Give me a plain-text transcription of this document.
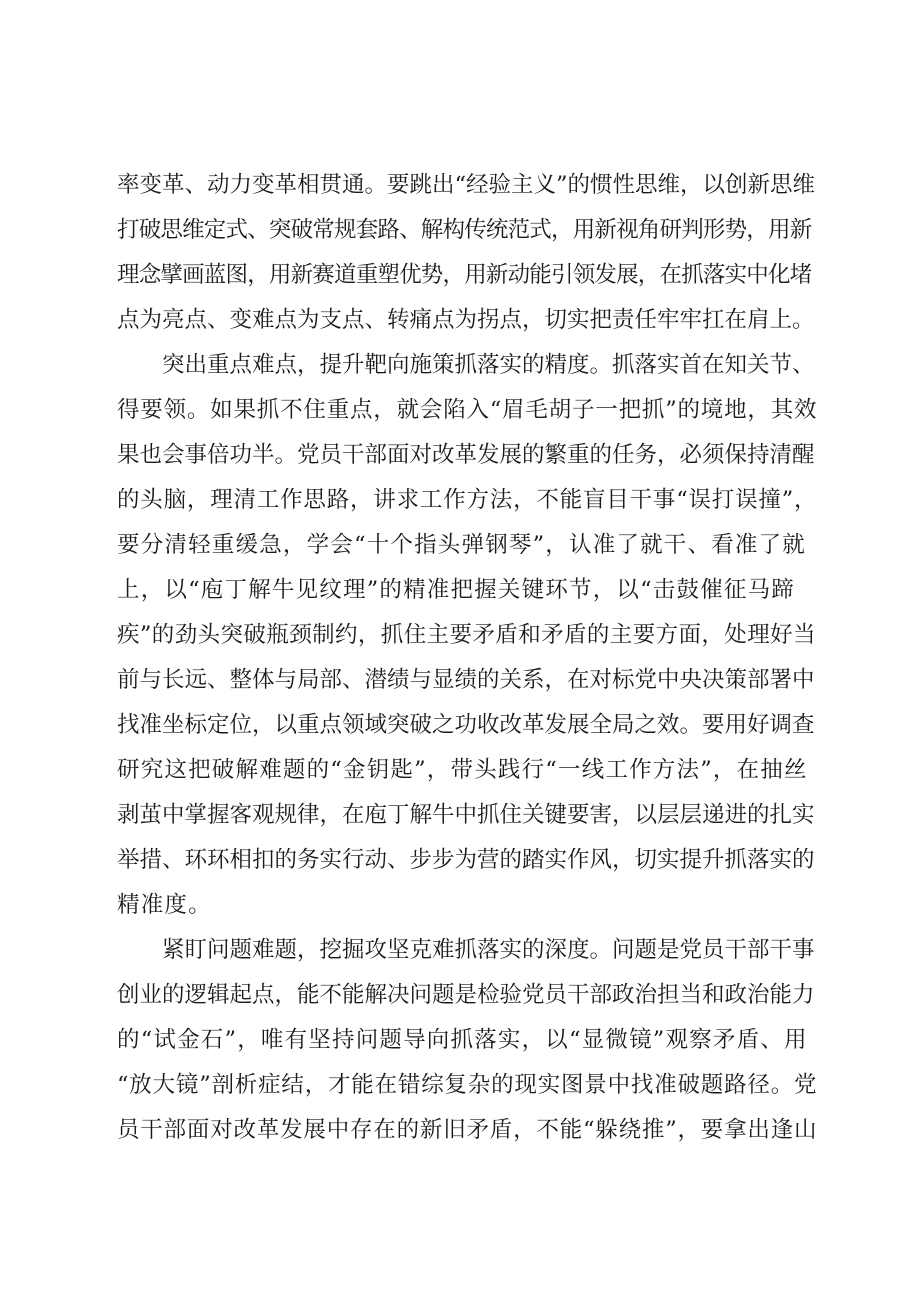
率变革、动力变革相贯通。要跳出“经验主义”的惯性思维，以创新思维
打破思维定式、突破常规套路、解构传统范式，用新视角研判形势，用新
理念擘画蓝图，用新赛道重塑优势，用新动能引领发展，在抓落实中化堵
点为亮点、变难点为支点、转痛点为拐点，切实把责任牢牢扛在肩上。
突出重点难点，提升靶向施策抓落实的精度。抓落实首在知关节、
得要领。如果抓不住重点，就会陷入“眉毛胡子一把抓”的境地，其效
果也会事倍功半。党员干部面对改革发展的繁重的任务，必须保持清醒
的头脑，理清工作思路，讲求工作方法，不能盲目干事“误打误撞”，
要分清轻重缓急，学会“十个指头弹钢琴”，认准了就干、看准了就
上，以“庖丁解牛见纹理”的精准把握关键环节，以“击鼓催征马蹄
疾”的劲头突破瓶颈制约，抓住主要矛盾和矛盾的主要方面，处理好当
前与长远、整体与局部、潜绩与显绩的关系，在对标党中央决策部署中
找准坐标定位，以重点领域突破之功收改革发展全局之效。要用好调查
研究这把破解难题的“金钥匙”，带头践行“一线工作方法”，在抽丝
剥茧中掌握客观规律，在庖丁解牛中抓住关键要害，以层层递进的扎实
举措、环环相扣的务实行动、步步为营的踏实作风，切实提升抓落实的
精准度。
紧盯问题难题，挖掘攻坚克难抓落实的深度。问题是党员干部干事
创业的逻辑起点，能不能解决问题是检验党员干部政治担当和政治能力
的“试金石”，唯有坚持问题导向抓落实，以“显微镜”观察矛盾、用
“放大镜”剖析症结，才能在错综复杂的现实图景中找准破题路径。党
员干部面对改革发展中存在的新旧矛盾，不能“躲绕推”，要拿出逢山
